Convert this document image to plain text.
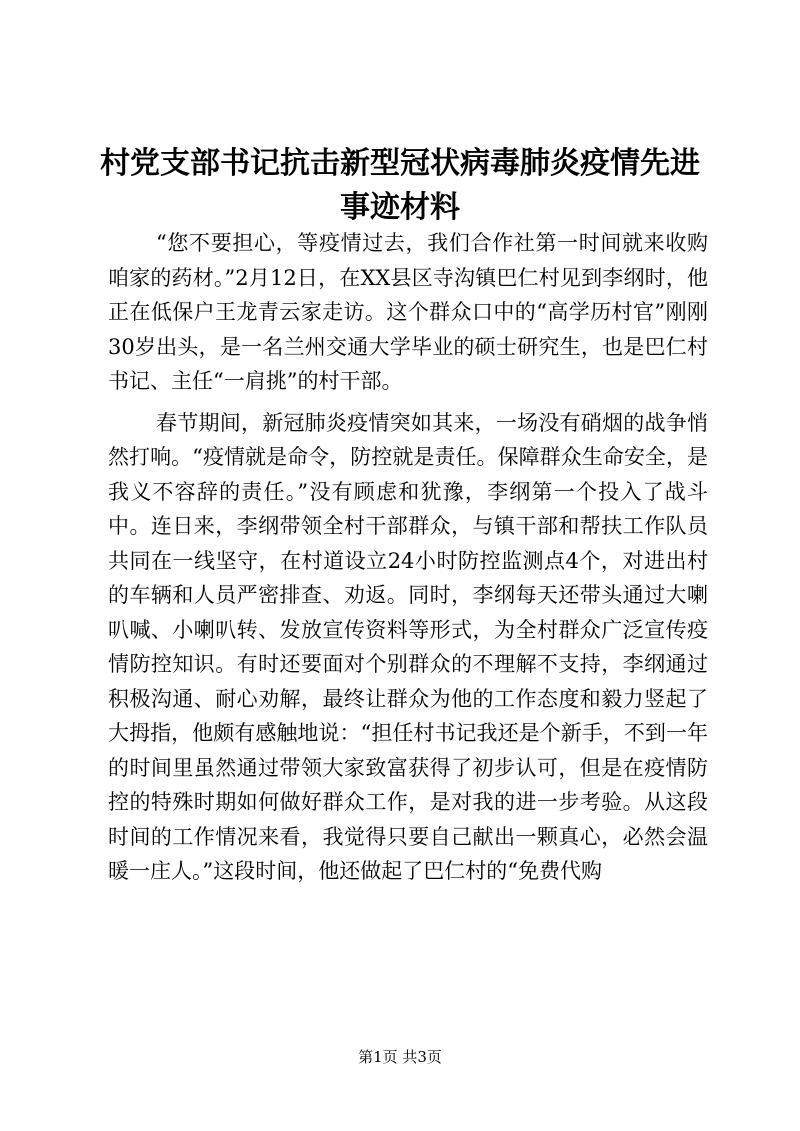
村党支部书记抗击新型冠状病毒肺炎疫情先进事迹材料

“您不要担心，等疫情过去，我们合作社第一时间就来收购咱家的药材。”2月12日，在XX县区寺沟镇巴仁村见到李纲时，他正在低保户王龙青云家走访。这个群众口中的“高学历村官”刚刚30岁出头，是一名兰州交通大学毕业的硕士研究生，也是巴仁村书记、主任“一肩挑”的村干部。

春节期间，新冠肺炎疫情突如其来，一场没有硝烟的战争悄然打响。“疫情就是命令，防控就是责任。保障群众生命安全，是我义不容辞的责任。”没有顾虑和犹豫，李纲第一个投入了战斗中。连日来，李纲带领全村干部群众，与镇干部和帮扶工作队员共同在一线坚守，在村道设立24小时防控监测点4个，对进出村的车辆和人员严密排查、劝返。同时，李纲每天还带头通过大喇叭喊、小喇叭转、发放宣传资料等形式，为全村群众广泛宣传疫情防控知识。有时还要面对个别群众的不理解不支持，李纲通过积极沟通、耐心劝解，最终让群众为他的工作态度和毅力竖起了大拇指，他颇有感触地说：“担任村书记我还是个新手，不到一年的时间里虽然通过带领大家致富获得了初步认可，但是在疫情防控的特殊时期如何做好群众工作，是对我的进一步考验。从这段时间的工作情况来看，我觉得只要自己献出一颗真心，必然会温暖一庄人。”这段时间，他还做起了巴仁村的“免费代购

第1页 共3页
